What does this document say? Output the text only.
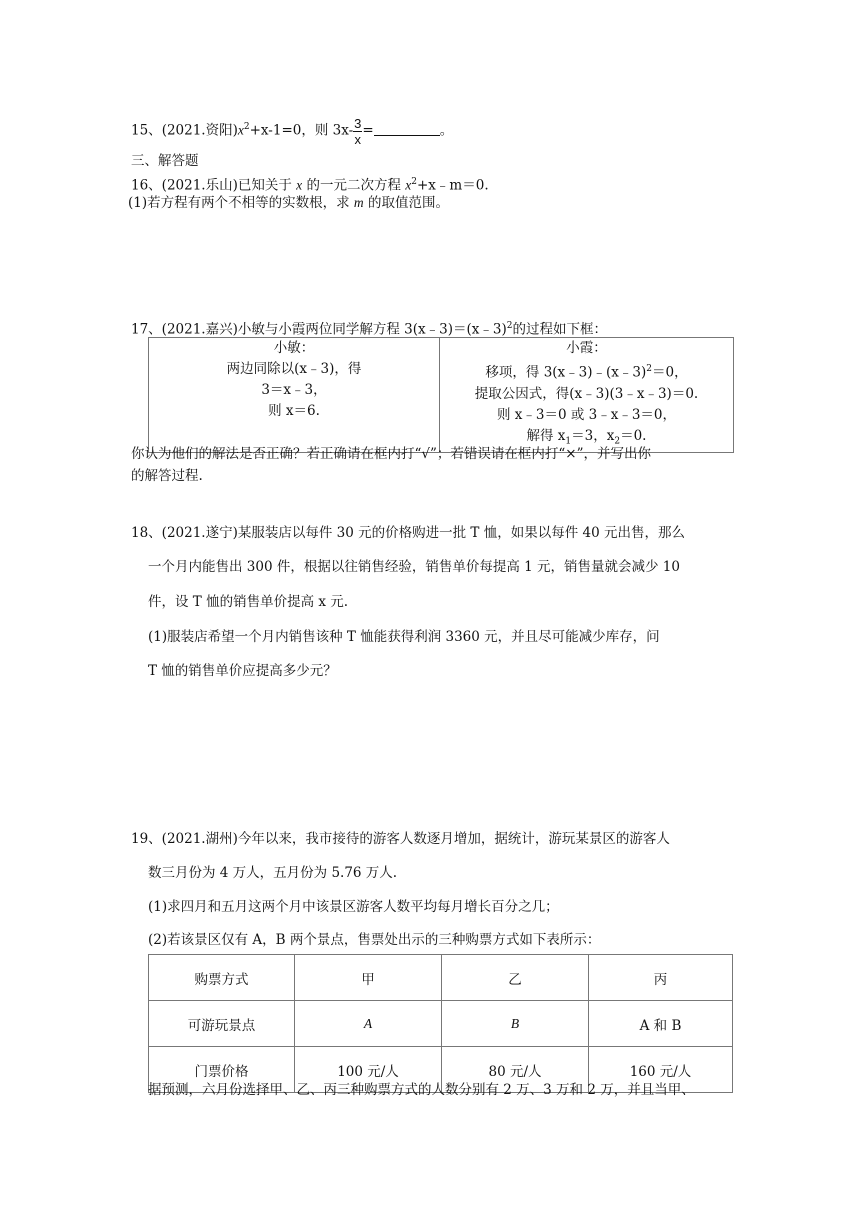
15、(2021.资阳)$x^2+x-1=0$，则 $3x- \frac{3}{x}$ =	。
三、解答题
16、(2021.乐山)已知关于 x 的一元二次方程 $x^2+x﹣m=0$.
(1)若方程有两个不相等的实数根，求 m 的取值范围。
17、(2021.嘉兴)小敏与小霞两位同学解方程 3(x﹣3)＝(x﹣3)$^2$的过程如下框：
小敏：
两边同除以(x﹣3)，得
3＝x﹣3，
则 x＝6.

小霞：
移项，得 3(x﹣3)﹣(x﹣3)$^2$＝0，
提取公因式，得(x﹣3)(3﹣x﹣3)＝0.
则 x﹣3＝0 或 3﹣x﹣3＝0，
解得 $x_1=3$，$x_2=0$.
你认为他们的解法是否正确？若正确请在框内打“√”；若错误请在框内打“×”，并写出你
的解答过程.
18、(2021.遂宁)某服装店以每件 30 元的价格购进一批 T 恤，如果以每件 40 元出售，那么
一个月内能售出 300 件，根据以往销售经验，销售单价每提高 1 元，销售量就会减少 10
件，设 T 恤的销售单价提高 x 元.
(1)服装店希望一个月内销售该种 T 恤能获得利润 3360 元，并且尽可能减少库存，问
T 恤的销售单价应提高多少元？
19、(2021.湖州)今年以来，我市接待的游客人数逐月增加，据统计，游玩某景区的游客人
数三月份为 4 万人，五月份为 5.76 万人.
(1)求四月和五月这两个月中该景区游客人数平均每月增长百分之几；
(2)若该景区仅有 A，B 两个景点，售票处出示的三种购票方式如下表所示：
购票方式	甲	乙	丙
可游玩景点	A	B	A 和 B
门票价格	100 元/人	80 元/人	160 元/人
据预测，六月份选择甲、乙、丙三种购票方式的人数分别有 2 万、3 万和 2 万，并且当甲、
